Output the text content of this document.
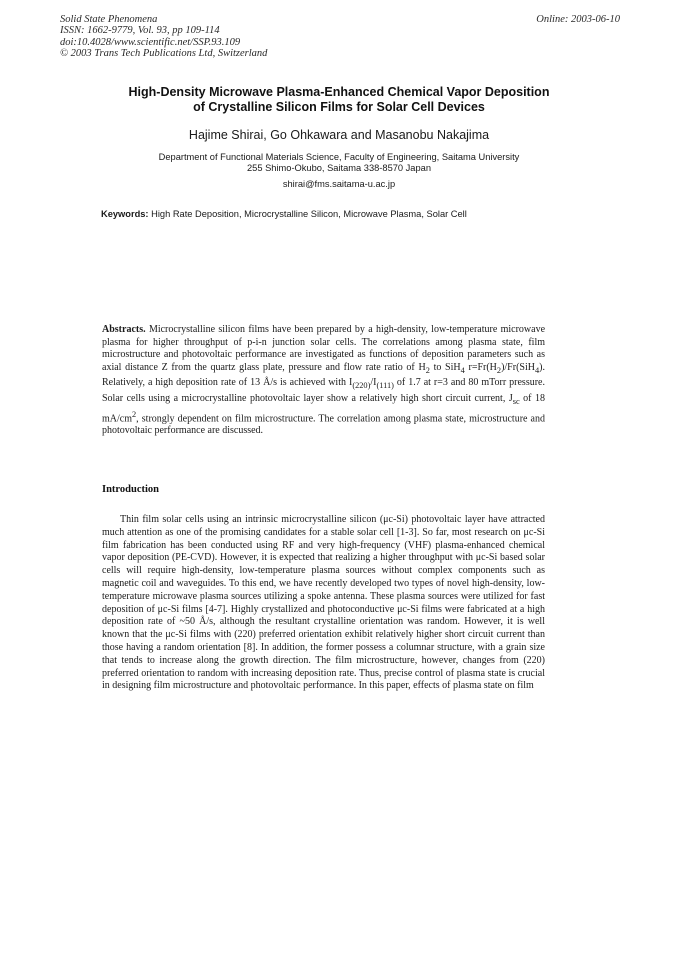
Solid State Phenomena
ISSN: 1662-9779, Vol. 93, pp 109-114
doi:10.4028/www.scientific.net/SSP.93.109
© 2003 Trans Tech Publications Ltd, Switzerland
Online: 2003-06-10
High-Density Microwave Plasma-Enhanced Chemical Vapor Deposition
of Crystalline Silicon Films for Solar Cell Devices
Hajime Shirai, Go Ohkawara and Masanobu Nakajima
Department of Functional Materials Science, Faculty of Engineering, Saitama University
255 Shimo-Okubo, Saitama 338-8570 Japan
shirai@fms.saitama-u.ac.jp
Keywords: High Rate Deposition, Microcrystalline Silicon, Microwave Plasma, Solar Cell
Abstracts. Microcrystalline silicon films have been prepared by a high-density, low-temperature microwave plasma for higher throughput of p-i-n junction solar cells. The correlations among plasma state, film microstructure and photovoltaic performance are investigated as functions of deposition parameters such as axial distance Z from the quartz glass plate, pressure and flow rate ratio of $H_2$ to SiH$_4$ $r=Fr(H_2)/Fr(SiH_4)$. Relatively, a high deposition rate of 13 Å/s is achieved with $I_{(220)}/I_{(111)}$ of 1.7 at r=3 and 80 mTorr pressure. Solar cells using a microcrystalline photovoltaic layer show a relatively high short circuit current, $J_{sc}$ of 18 $mA/cm^2$, strongly dependent on film microstructure. The correlation among plasma state, microstructure and photovoltaic performance are discussed.
Introduction

Thin film solar cells using an intrinsic microcrystalline silicon (μc-Si) photovoltaic layer have attracted much attention as one of the promising candidates for a stable solar cell [1-3]. So far, most research on μc-Si film fabrication has been conducted using RF and very high-frequency (VHF) plasma-enhanced chemical vapor deposition (PE-CVD). However, it is expected that realizing a higher throughput with μc-Si based solar cells will require high-density, low-temperature plasma sources without complex components such as magnetic coil and waveguides. To this end, we have recently developed two types of novel high-density, low-temperature microwave plasma sources utilizing a spoke antenna. These plasma sources were utilized for fast deposition of μc-Si films [4-7]. Highly crystallized and photoconductive μc-Si films were fabricated at a high deposition rate of ~50 Å/s, although the resultant crystalline orientation was random. However, it is well known that the μc-Si films with (220) preferred orientation exhibit relatively higher short circuit current than those having a random orientation [8]. In addition, the former possess a columnar structure, with a grain size that tends to increase along the growth direction. The film microstructure, however, changes from (220) preferred orientation to random with increasing deposition rate. Thus, precise control of plasma state is crucial in designing film microstructure and photovoltaic performance. In this paper, effects of plasma state on film
